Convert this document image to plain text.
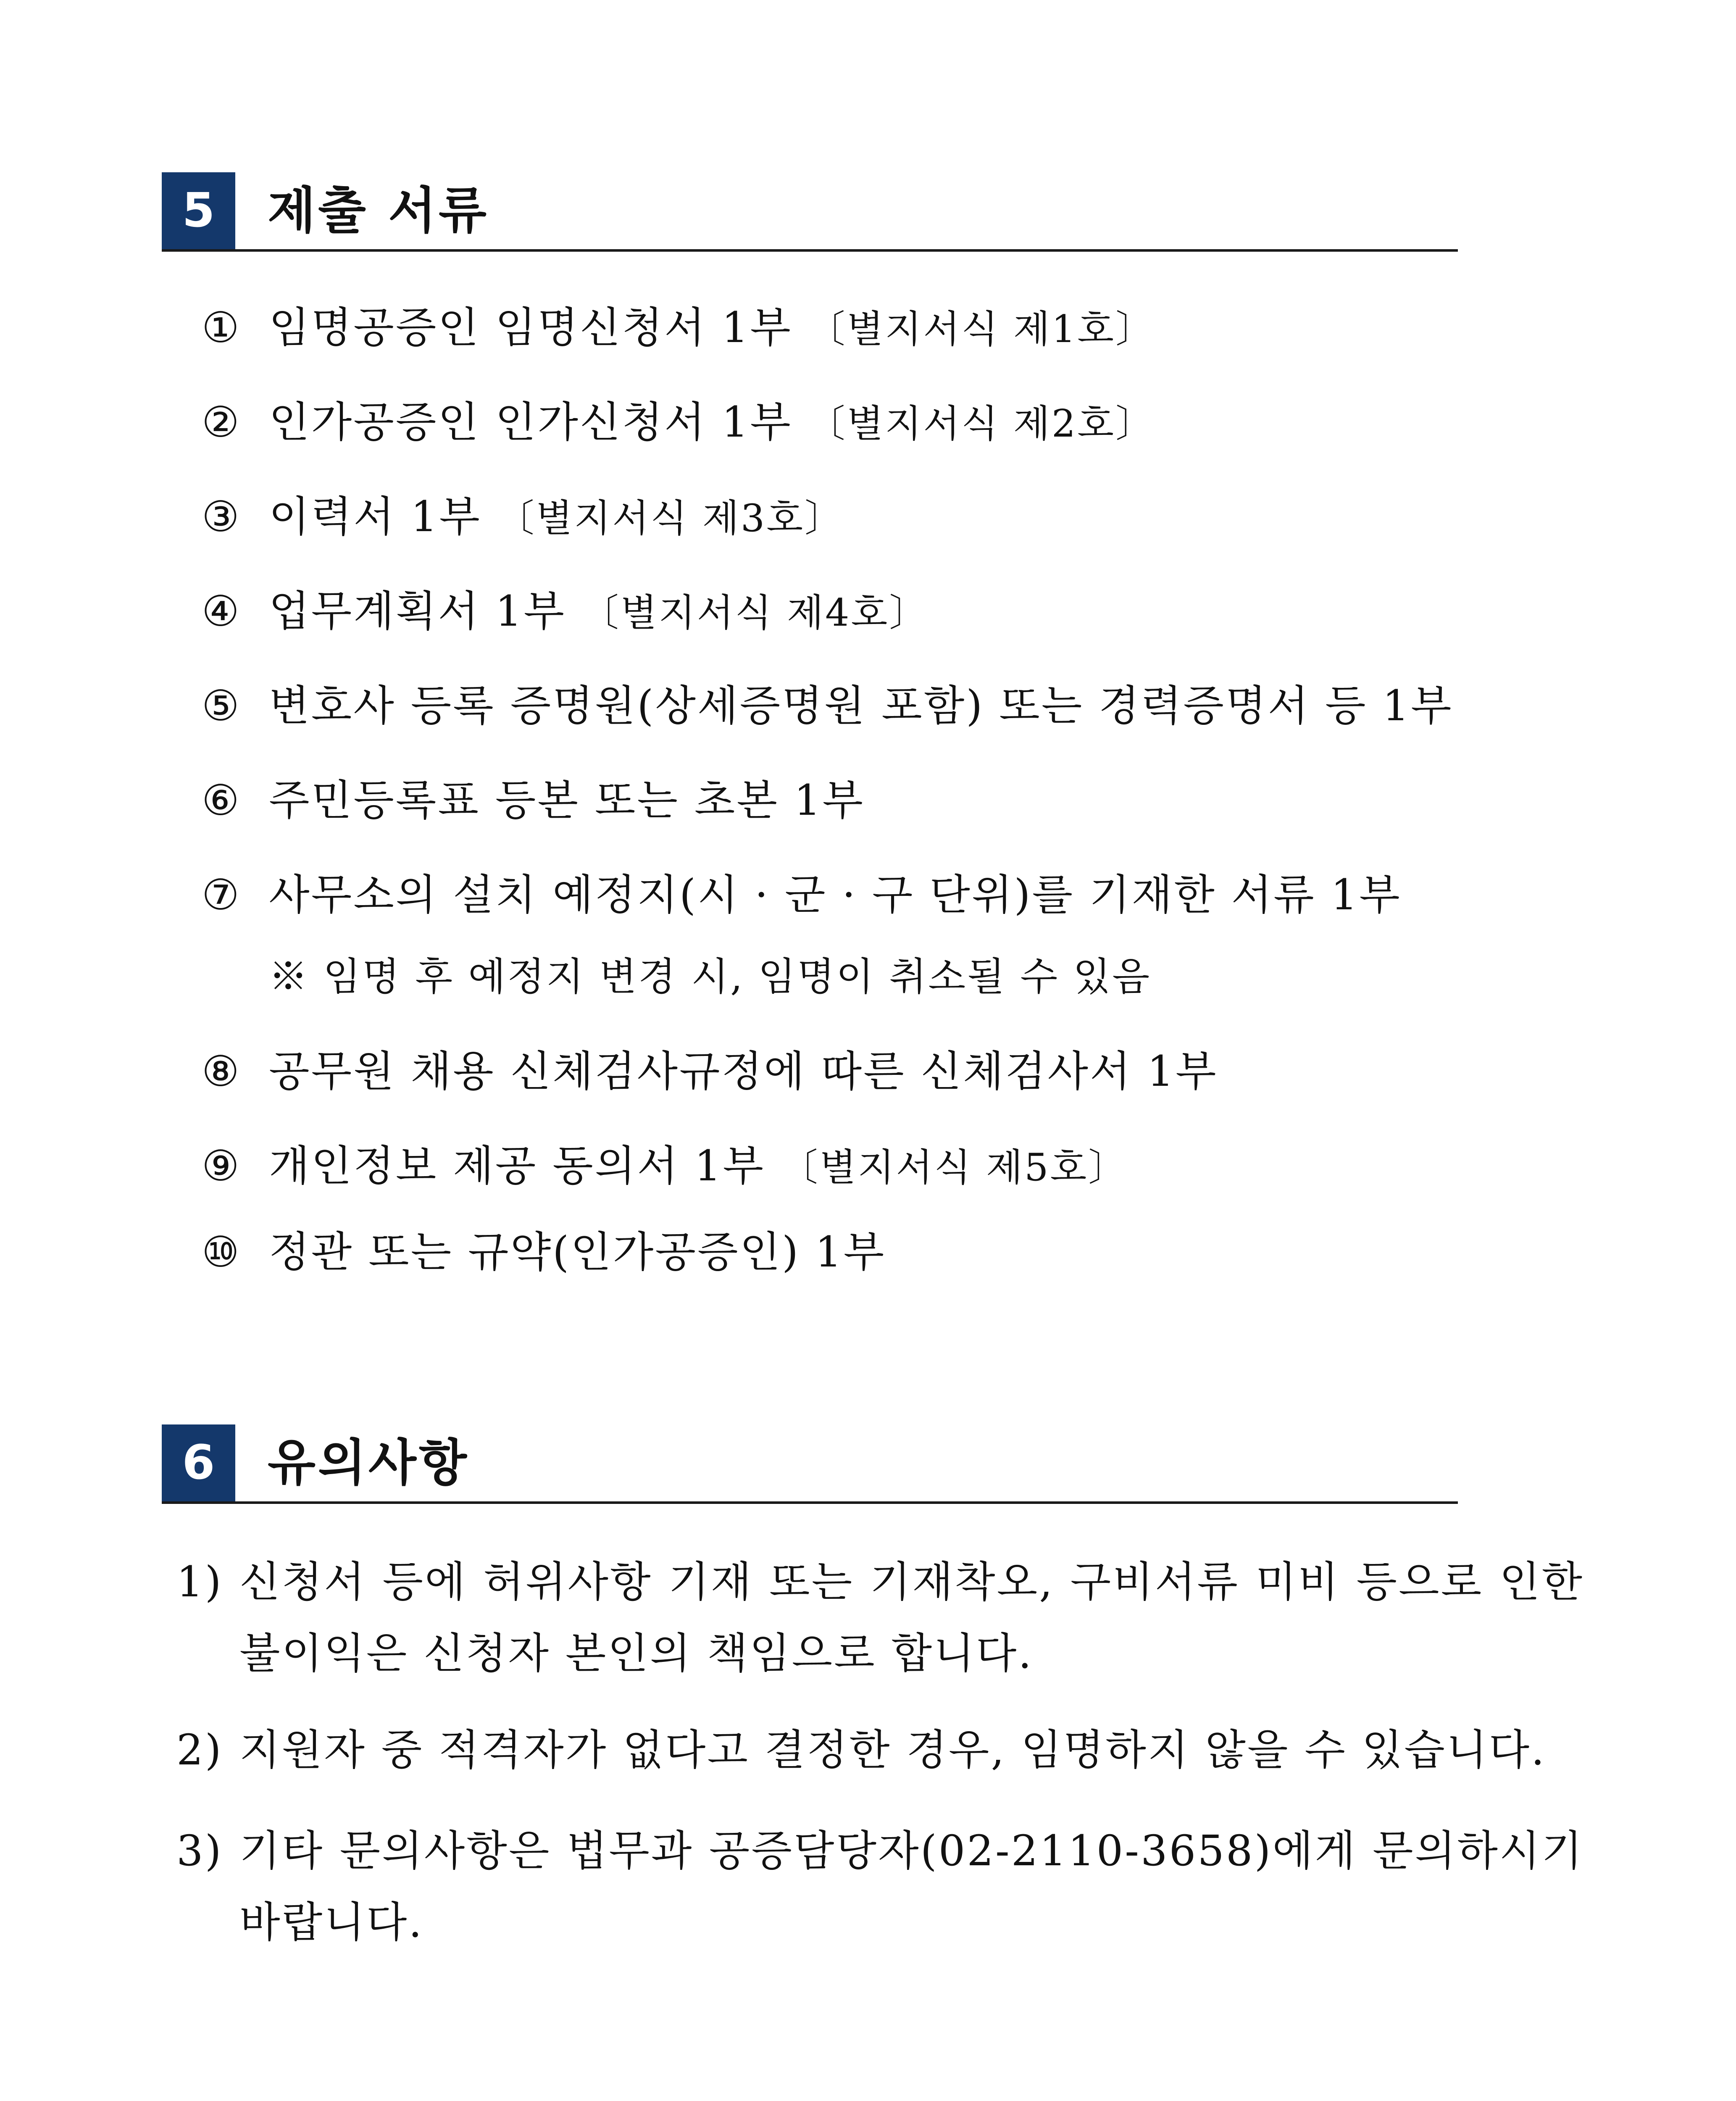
5	제출 서류
① 임명공증인 임명신청서 1부 〔별지서식 제1호〕
② 인가공증인 인가신청서 1부 〔별지서식 제2호〕
③ 이력서 1부 〔별지서식 제3호〕
④ 업무계획서 1부 〔별지서식 제4호〕
⑤ 변호사 등록 증명원(상세증명원 포함) 또는 경력증명서 등 1부
⑥ 주민등록표 등본 또는 초본 1부
⑦ 사무소의 설치 예정지(시 · 군 · 구 단위)를 기재한 서류 1부
※ 임명 후 예정지 변경 시, 임명이 취소될 수 있음
⑧ 공무원 채용 신체검사규정에 따른 신체검사서 1부
⑨ 개인정보 제공 동의서 1부 〔별지서식 제5호〕
⑩ 정관 또는 규약(인가공증인) 1부
6	유의사항
1) 신청서 등에 허위사항 기재 또는 기재착오, 구비서류 미비 등으로 인한 불이익은 신청자 본인의 책임으로 합니다.
2) 지원자 중 적격자가 없다고 결정한 경우, 임명하지 않을 수 있습니다.
3) 기타 문의사항은 법무과 공증담당자(02-2110-3658)에게 문의하시기 바랍니다.
